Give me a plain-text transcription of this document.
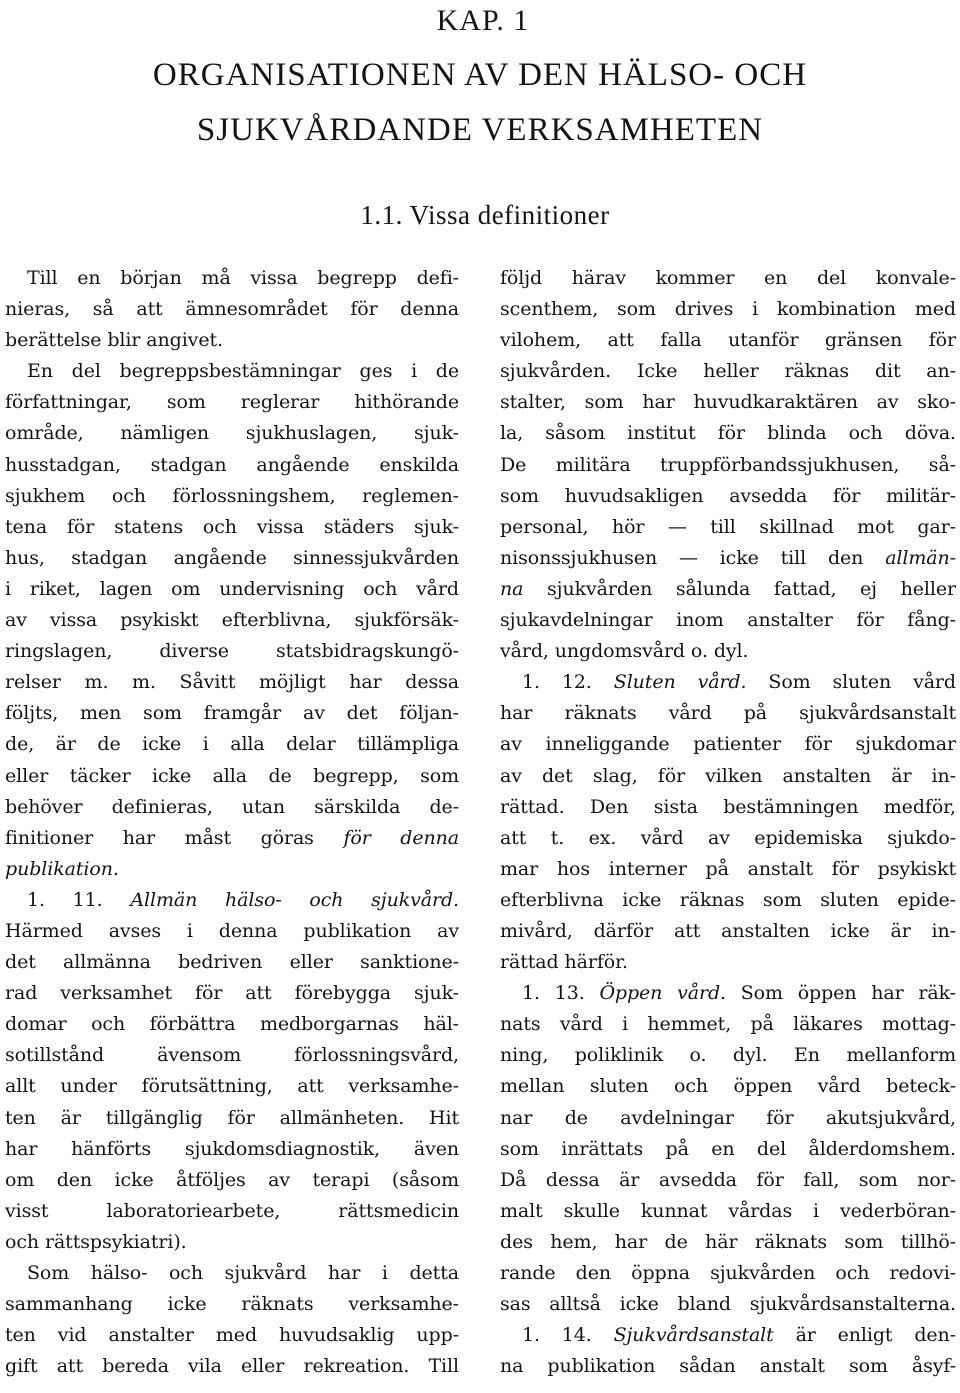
KAP. 1
ORGANISATIONEN AV DEN HÄLSO- OCH
SJUKVÅRDANDE VERKSAMHETEN
1.1. Vissa definitioner
Till en början må vissa begrepp defi-
nieras, så att ämnesområdet för denna
berättelse blir angivet.
En del begreppsbestämningar ges i de
författningar, som reglerar hithörande
område, nämligen sjukhuslagen, sjuk-
husstadgan, stadgan angående enskilda
sjukhem och förlossningshem, reglemen-
tena för statens och vissa städers sjuk-
hus, stadgan angående sinnessjukvården
i riket, lagen om undervisning och vård
av vissa psykiskt efterblivna, sjukförsäk-
ringslagen, diverse statsbidragskungö-
relser m. m. Såvitt möjligt har dessa
följts, men som framgår av det följan-
de, är de icke i alla delar tillämpliga
eller täcker icke alla de begrepp, som
behöver definieras, utan särskilda de-
finitioner har måst göras för denna
publikation.
1. 11. Allmän hälso- och sjukvård.
Härmed avses i denna publikation av
det allmänna bedriven eller sanktione-
rad verksamhet för att förebygga sjuk-
domar och förbättra medborgarnas häl-
sotillstånd ävensom förlossningsvård,
allt under förutsättning, att verksamhe-
ten är tillgänglig för allmänheten. Hit
har hänförts sjukdomsdiagnostik, även
om den icke åtföljes av terapi (såsom
visst laboratoriearbete, rättsmedicin
och rättspsykiatri).
Som hälso- och sjukvård har i detta
sammanhang icke räknats verksamhe-
ten vid anstalter med huvudsaklig upp-
gift att bereda vila eller rekreation. Till
följd härav kommer en del konvale-
scenthem, som drives i kombination med
vilohem, att falla utanför gränsen för
sjukvården. Icke heller räknas dit an-
stalter, som har huvudkaraktären av sko-
la, såsom institut för blinda och döva.
De militära truppförbandssjukhusen, så-
som huvudsakligen avsedda för militär-
personal, hör — till skillnad mot gar-
nisonssjukhusen — icke till den allmän-
na sjukvården sålunda fattad, ej heller
sjukavdelningar inom anstalter för fång-
vård, ungdomsvård o. dyl.
1. 12. Sluten vård. Som sluten vård
har räknats vård på sjukvårdsanstalt
av inneliggande patienter för sjukdomar
av det slag, för vilken anstalten är in-
rättad. Den sista bestämningen medför,
att t. ex. vård av epidemiska sjukdo-
mar hos interner på anstalt för psykiskt
efterblivna icke räknas som sluten epide-
mivård, därför att anstalten icke är in-
rättad härför.
1. 13. Öppen vård. Som öppen har räk-
nats vård i hemmet, på läkares mottag-
ning, poliklinik o. dyl. En mellanform
mellan sluten och öppen vård beteck-
nar de avdelningar för akutsjukvård,
som inrättats på en del ålderdomshem.
Då dessa är avsedda för fall, som nor-
malt skulle kunnat vårdas i vederböran-
des hem, har de här räknats som tillhö-
rande den öppna sjukvården och redovi-
sas alltså icke bland sjukvårdsanstalterna.
1. 14. Sjukvårdsanstalt är enligt den-
na publikation sådan anstalt som åsyf-
